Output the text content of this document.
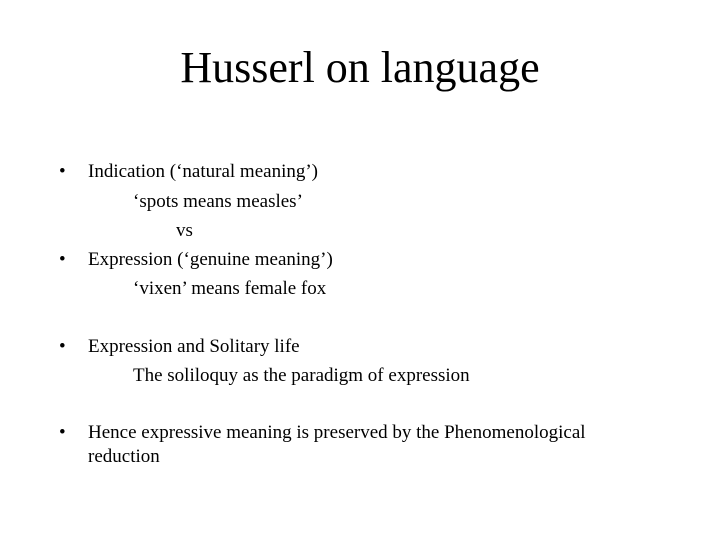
Husserl on language
• Indication (‘natural meaning’)
‘spots means measles’
vs
• Expression (‘genuine meaning’)
‘vixen’ means female fox
• Expression and Solitary life
The soliloquy as the paradigm of expression
• Hence expressive meaning is preserved by the Phenomenological
reduction
